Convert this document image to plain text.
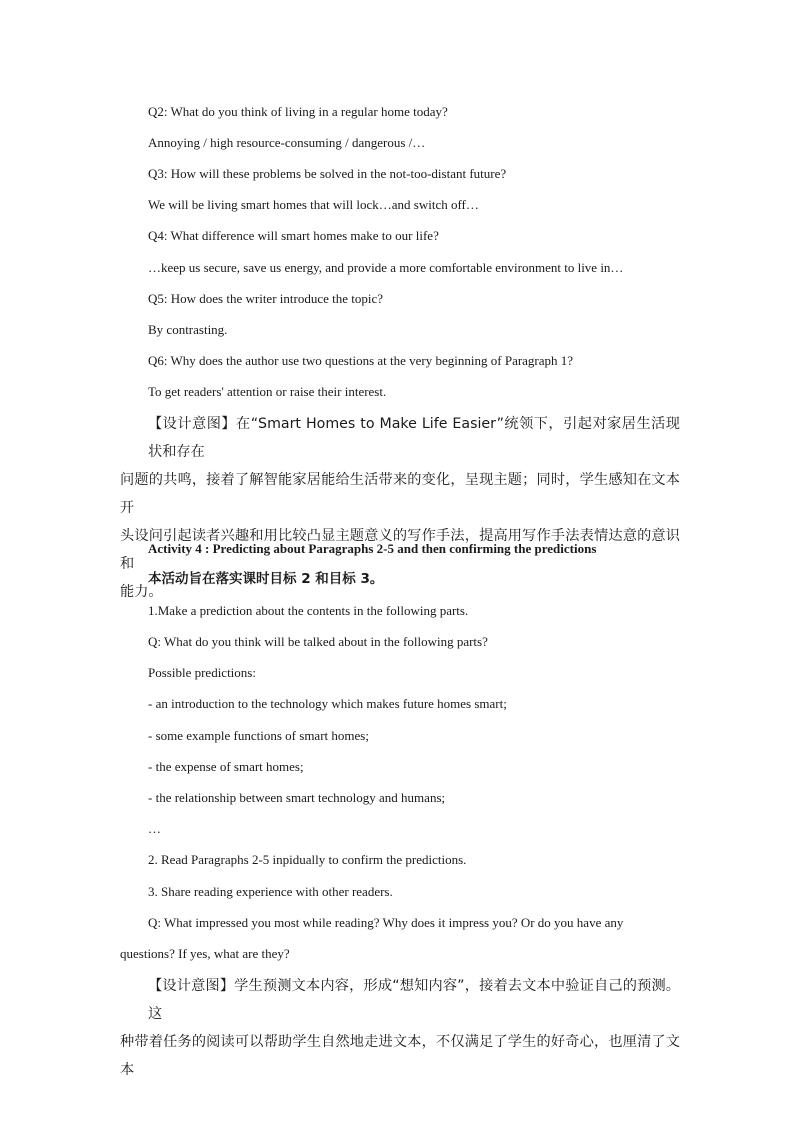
Q2: What do you think of living in a regular home today?
Annoying / high resource-consuming / dangerous /…
Q3: How will these problems be solved in the not-too-distant future?
We will be living smart homes that will lock…and switch off…
Q4: What difference will smart homes make to our life?
…keep us secure, save us energy, and provide a more comfortable environment to live in…
Q5: How does the writer introduce the topic?
By contrasting.
Q6: Why does the author use two questions at the very beginning of Paragraph 1?
To get readers' attention or raise their interest.
【设计意图】在“Smart Homes to Make Life Easier”统领下，引起对家居生活现状和存在
问题的共鸣，接着了解智能家居能给生活带来的变化，呈现主题；同时，学生感知在文本开
头设问引起读者兴趣和用比较凸显主题意义的写作手法，提高用写作手法表情达意的意识和
能力。
Activity 4 : Predicting about Paragraphs 2-5 and then confirming the predictions
本活动旨在落实课时目标 2 和目标 3。
1.Make a prediction about the contents in the following parts.
Q: What do you think will be talked about in the following parts?
Possible predictions:
- an introduction to the technology which makes future homes smart;
- some example functions of smart homes;
- the expense of smart homes;
- the relationship between smart technology and humans;
…
2. Read Paragraphs 2-5 inpidually to confirm the predictions.
3. Share reading experience with other readers.
Q: What impressed you most while reading? Why does it impress you? Or do you have any
questions? If yes, what are they?
【设计意图】学生预测文本内容，形成“想知内容”，接着去文本中验证自己的预测。这
种带着任务的阅读可以帮助学生自然地走进文本，不仅满足了学生的好奇心，也厘清了文本
